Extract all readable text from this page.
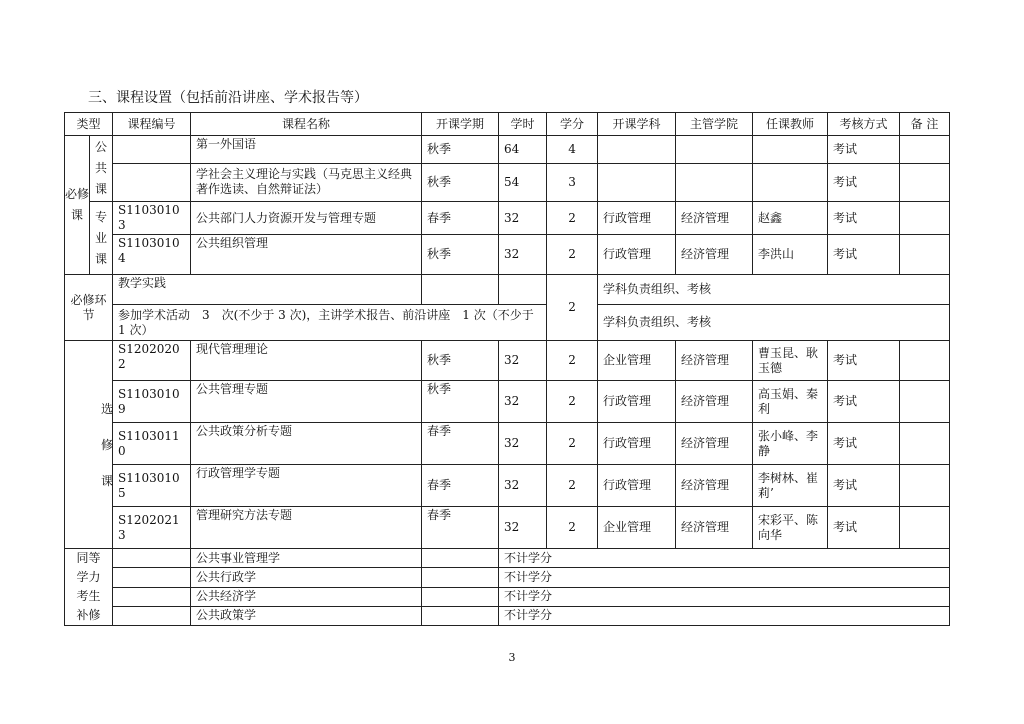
三、课程设置（包括前沿讲座、学术报告等）
类型		课程编号	课程名称	开课学期	学时	学分	开课学科	主管学院	任课教师	考核方式	备 注
必修课	公共课		第一外国语	秋季	64	4				考试	
			学社会主义理论与实践（马克思主义经典著作选读、自然辩证法）	秋季	54	3				考试	
	专业课	S11030103	公共部门人力资源开发与管理专题	春季	32	2	行政管理	经济管理	赵鑫	考试	
		S11030104	公共组织管理	秋季	32	2	行政管理	经济管理	李洪山	考试	
必修环节		教学实践				2	学科负责组织、考核				
		参加学术活动　3　次(不少于 3 次)，主讲学术报告、前沿讲座　1 次（不少于 1 次）					学科负责组织、考核				
选修课		S12020202	现代管理理论	秋季	32	2	企业管理	经济管理	曹玉昆、耿玉德	考试	
		S11030109	公共管理专题	秋季	32	2	行政管理	经济管理	高玉娟、秦利	考试	
		S11030110	公共政策分析专题	春季	32	2	行政管理	经济管理	张小峰、李静	考试	
		S11030105	行政管理学专题	春季	32	2	行政管理	经济管理	李树林、崔莉’	考试	
		S12020213	管理研究方法专题	春季	32	2	企业管理	经济管理	宋彩平、陈向华	考试	
同等学力考生补修			公共事业管理学		不计学分						
			公共行政学		不计学分						
			公共经济学		不计学分						
			公共政策学		不计学分						
3
